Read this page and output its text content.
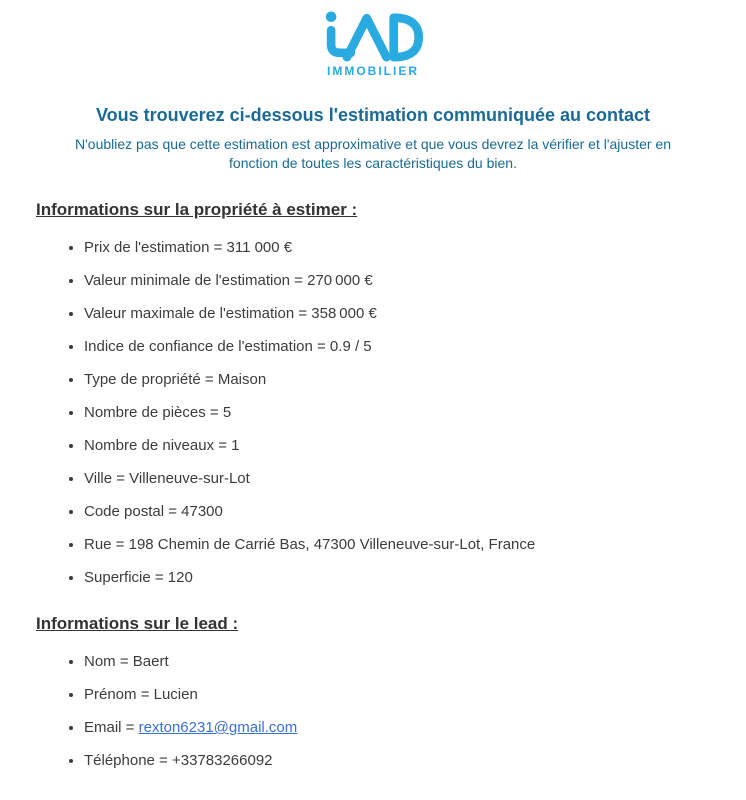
IMMOBILIER
Vous trouverez ci-dessous l'estimation communiquée au contact

N'oubliez pas que cette estimation est approximative et que vous devrez la vérifier et l'ajuster en fonction de toutes les caractéristiques du bien.

Informations sur la propriété à estimer :
• Prix de l'estimation = 311 000 €
• Valeur minimale de l'estimation = 270 000 €
• Valeur maximale de l'estimation = 358 000 €
• Indice de confiance de l'estimation = 0.9 / 5
• Type de propriété = Maison
• Nombre de pièces = 5
• Nombre de niveaux = 1
• Ville = Villeneuve-sur-Lot
• Code postal = 47300
• Rue = 198 Chemin de Carrié Bas, 47300 Villeneuve-sur-Lot, France
• Superficie = 120
Informations sur le lead :
• Nom = Baert
• Prénom = Lucien
• Email = rexton6231@gmail.com
• Téléphone = +33783266092
